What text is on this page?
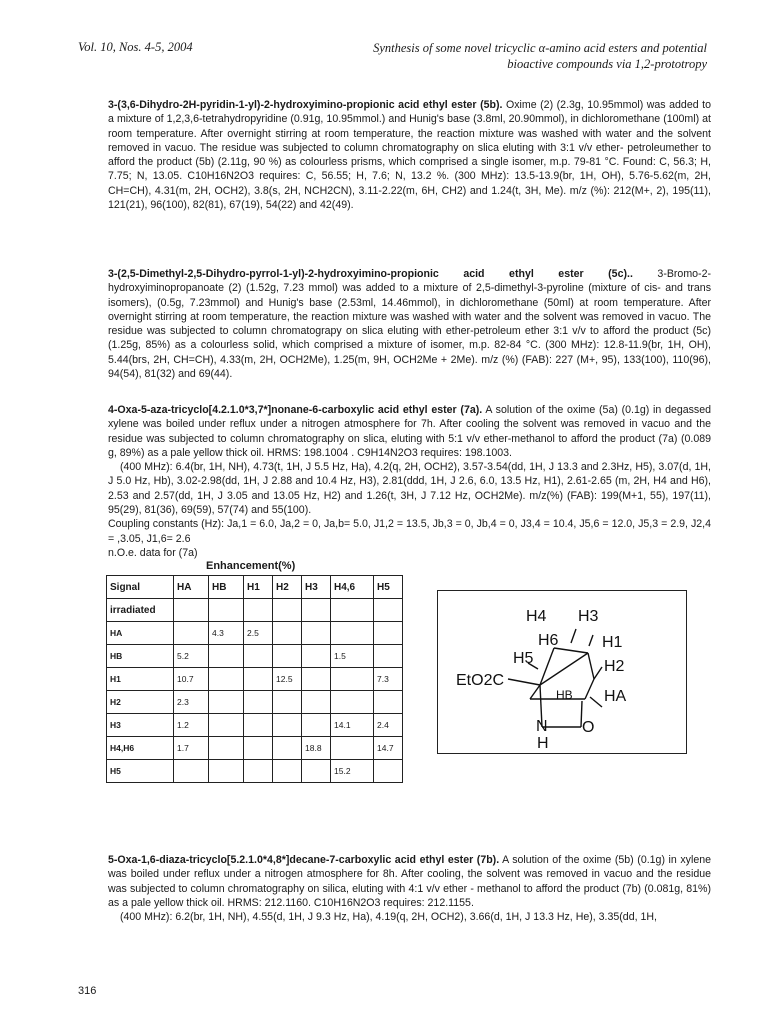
Vol. 10, Nos. 4-5, 2004	Synthesis of some novel tricyclic α-amino acid esters and potential
bioactive compounds via 1,2-prototropy

3-(3,6-Dihydro-2H-pyridin-1-yl)-2-hydroxyimino-propionic acid ethyl ester (5b). Oxime (2) (2.3g, 10.95mmol) was added to a mixture of 1,2,3,6-tetrahydropyridine (0.91g, 10.95mmol.) and Hunig's base (3.8ml, 20.90mmol), in dichloromethane (100ml) at room temperature. After overnight stirring at room temperature, the reaction mixture was washed with water and the solvent removed in vacuo. The residue was subjected to column chromatography on slica eluting with 3:1 v/v ether- petroleumether to afford the product (5b) (2.11g, 90 %) as colourless prisms, which comprised a single isomer, m.p. 79-81 °C. Found: C, 56.3; H, 7.75; N, 13.05. C10H16N2O3 requires: C, 56.55; H, 7.6; N, 13.2 %. (300 MHz): 13.5-13.9(br, 1H, OH), 5.76-5.62(m, 2H, CH=CH), 4.31(m, 2H, OCH2), 3.8(s, 2H, NCH2CN), 3.11-2.22(m, 6H, CH2) and 1.24(t, 3H, Me). m/z (%): 212(M+, 2), 195(11), 121(21), 96(100), 82(81), 67(19), 54(22) and 42(49).

3-(2,5-Dimethyl-2,5-Dihydro-pyrrol-1-yl)-2-hydroxyimino-propionic acid ethyl ester (5c).. 3-Bromo-2-hydroxyiminopropanoate (2) (1.52g, 7.23 mmol) was added to a mixture of 2,5-dimethyl-3-pyroline (mixture of cis- and trans isomers), (0.5g, 7.23mmol) and Hunig's base (2.53ml, 14.46mmol), in dichloromethane (50ml) at room temperature. After overnight stirring at room temperature, the reaction mixture was washed with water and the solvent was removed in vacuo. The residue was subjected to column chromatograpy on slica eluting with ether-petroleum ether 3:1 v/v to afford the product (5c) (1.25g, 85%) as a colourless solid, which comprised a mixture of isomer, m.p. 82-84 °C. (300 MHz): 12.8-11.9(br, 1H, OH), 5.44(brs, 2H, CH=CH), 4.33(m, 2H, OCH2Me), 1.25(m, 9H, OCH2Me + 2Me). m/z (%) (FAB): 227 (M+, 95), 133(100), 110(96), 94(54), 81(32) and 69(44).

4-Oxa-5-aza-tricyclo[4.2.1.0*3,7*]nonane-6-carboxylic acid ethyl ester (7a). A solution of the oxime (5a) (0.1g) in degassed xylene was boiled under reflux under a nitrogen atmosphere for 7h. After cooling the solvent was removed in vacuo and the residue was subjected to column chromatography on slica, eluting with 5:1 v/v ether-methanol to afford the product (7a) (0.089 g, 89%) as a pale yellow thick oil. HRMS: 198.1004 . C9H14N2O3 requires: 198.1003.

(400 MHz): 6.4(br, 1H, NH), 4.73(t, 1H, J 5.5 Hz, Ha), 4.2(q, 2H, OCH2), 3.57-3.54(dd, 1H, J 13.3 and 2.3Hz, H5), 3.07(d, 1H, J 5.0 Hz, Hb), 3.02-2.98(dd, 1H, J 2.88 and 10.4 Hz, H3), 2.81(ddd, 1H, J 2.6, 6.0, 13.5 Hz, H1), 2.61-2.65 (m, 2H, H4 and H6), 2.53 and 2.57(dd, 1H, J 3.05 and 13.05 Hz, H2) and 1.26(t, 3H, J 7.12 Hz, OCH2Me). m/z(%) (FAB): 199(M+1, 55), 197(11), 95(29), 81(36), 69(59), 57(74) and 55(100).

Coupling constants (Hz): Ja,1 = 6.0, Ja,2 = 0, Ja,b= 5.0, J1,2 = 13.5, Jb,3 = 0, Jb,4 = 0, J3,4 = 10.4, J5,6 = 12.0, J5,3 = 2.9, J2,4 = ,3.05, J1,6= 2.6

n.O.e. data for (7a)

Enhancement(%)
Signal	HA	HB	H1	H2	H3	H4,6	H5
irradiated							
HA		4.3	2.5				
HB	5.2					1.5	
H1	10.7			12.5			7.3
H2	2.3						
H3	1.2					14.1	2.4
H4,H6	1.7				18.8		14.7
H5						15.2	
H4 H3
H6	H1
H5	H2
EtO2C
HB HA
N
H
O

5-Oxa-1,6-diaza-tricyclo[5.2.1.0*4,8*]decane-7-carboxylic acid ethyl ester (7b). A solution of the oxime (5b) (0.1g) in xylene was boiled under reflux under a nitrogen atmosphere for 8h. After cooling, the solvent was removed in vacuo and the residue was subjected to column chromatography on silica, eluting with 4:1 v/v ether - methanol to afford the product (7b) (0.081g, 81%) as a pale yellow thick oil. HRMS: 212.1160. C10H16N2O3 requires: 212.1155.

(400 MHz): 6.2(br, 1H, NH), 4.55(d, 1H, J 9.3 Hz, Ha), 4.19(q, 2H, OCH2), 3.66(d, 1H, J 13.3 Hz, He), 3.35(dd, 1H,

316
